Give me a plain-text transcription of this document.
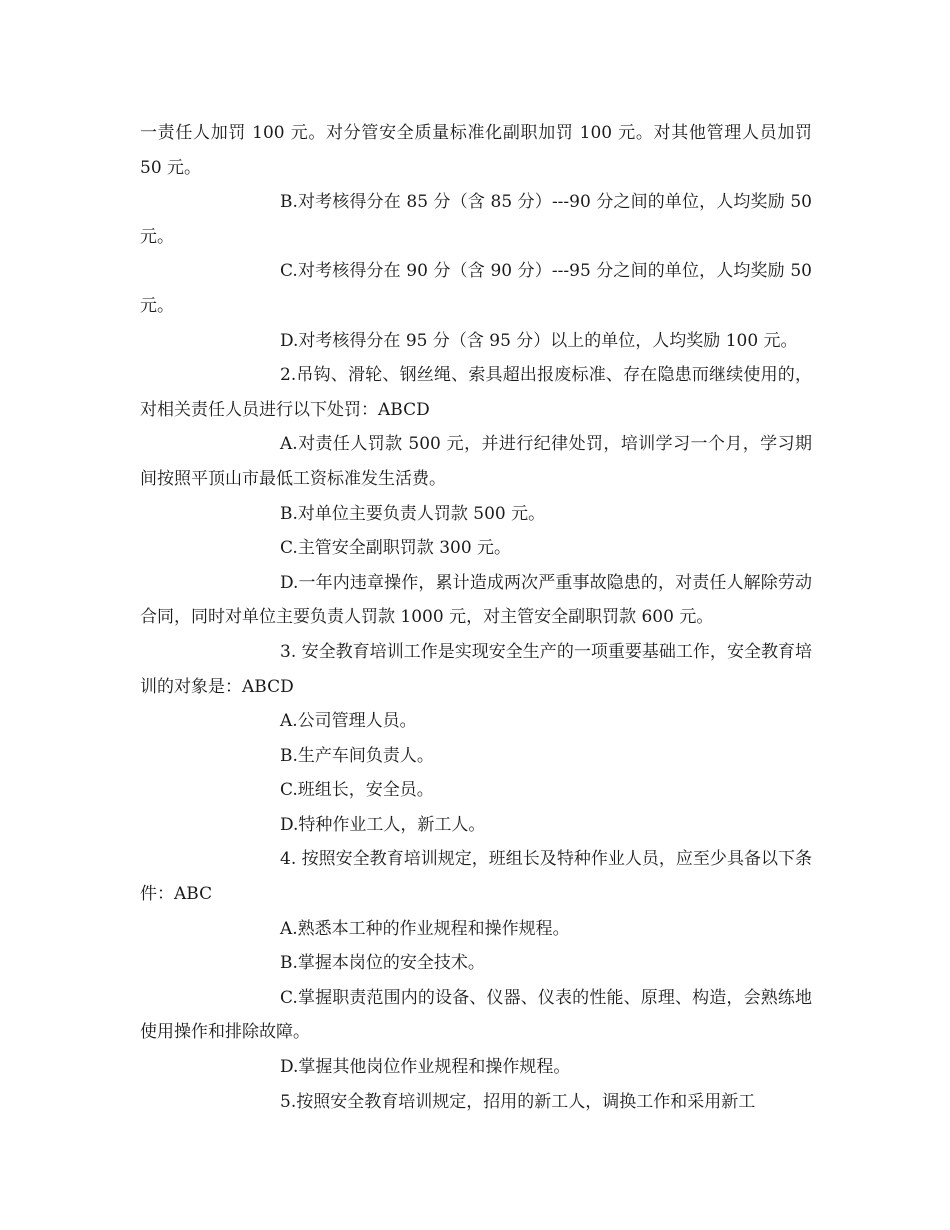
一责任人加罚 100 元。对分管安全质量标准化副职加罚 100 元。对其他管理人员加罚 50 元。

B.对考核得分在 85 分（含 85 分）---90 分之间的单位，人均奖励 50 元。

C.对考核得分在 90 分（含 90 分）---95 分之间的单位，人均奖励 50 元。

D.对考核得分在 95 分（含 95 分）以上的单位，人均奖励 100 元。

2.吊钩、滑轮、钢丝绳、索具超出报废标准、存在隐患而继续使用的，对相关责任人员进行以下处罚：ABCD

A.对责任人罚款 500 元，并进行纪律处罚，培训学习一个月，学习期间按照平顶山市最低工资标准发生活费。

B.对单位主要负责人罚款 500 元。

C.主管安全副职罚款 300 元。

D.一年内违章操作，累计造成两次严重事故隐患的，对责任人解除劳动合同，同时对单位主要负责人罚款 1000 元，对主管安全副职罚款 600 元。

3. 安全教育培训工作是实现安全生产的一项重要基础工作，安全教育培训的对象是：ABCD

A.公司管理人员。

B.生产车间负责人。

C.班组长，安全员。

D.特种作业工人，新工人。

4. 按照安全教育培训规定，班组长及特种作业人员，应至少具备以下条件：ABC

A.熟悉本工种的作业规程和操作规程。

B.掌握本岗位的安全技术。

C.掌握职责范围内的设备、仪器、仪表的性能、原理、构造，会熟练地使用操作和排除故障。

D.掌握其他岗位作业规程和操作规程。

5.按照安全教育培训规定，招用的新工人，调换工作和采用新工
